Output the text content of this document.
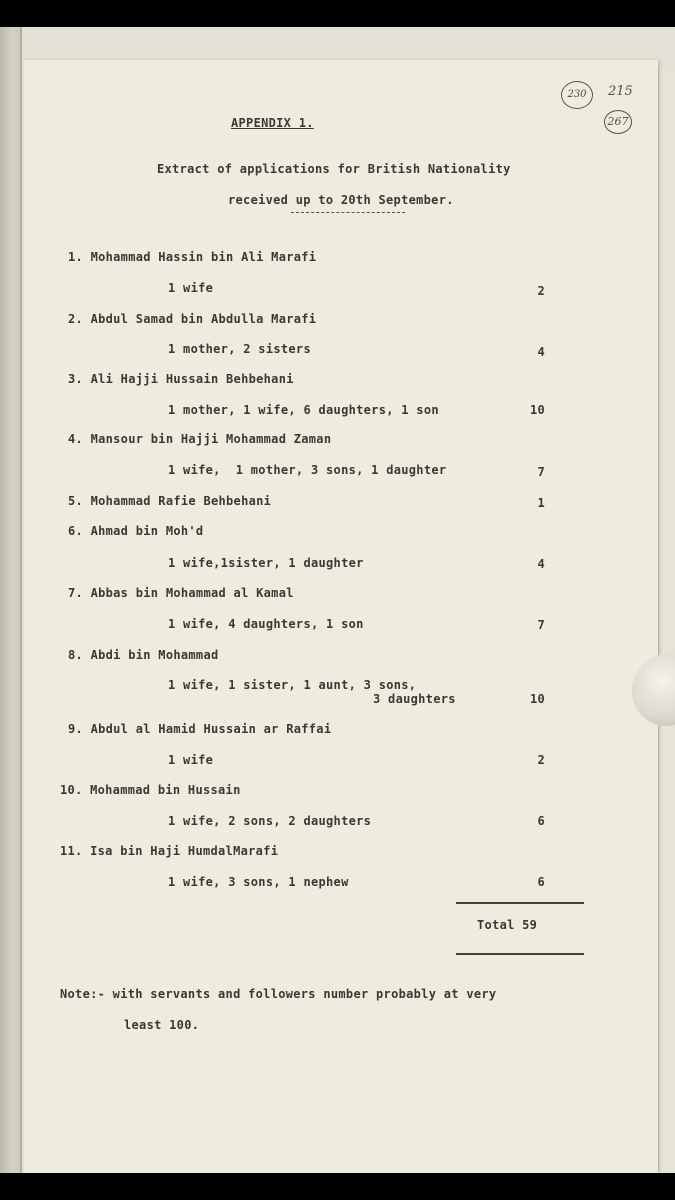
230	215
267
APPENDIX 1.
Extract of applications for British Nationality
received up to 20th September.
1. Mohammad Hassin bin Ali Marafi
1 wife	2
2. Abdul Samad bin Abdulla Marafi
1 mother, 2 sisters	4
3. Ali Hajji Hussain Behbehani
1 mother, 1 wife, 6 daughters, 1 son	10
4. Mansour bin Hajji Mohammad Zaman
1 wife,  1 mother, 3 sons, 1 daughter	7
5. Mohammad Rafie Behbehani	1
6. Ahmad bin Moh'd
1 wife,1sister, 1 daughter	4
7. Abbas bin Mohammad al Kamal
1 wife, 4 daughters, 1 son	7
8. Abdi bin Mohammad
1 wife, 1 sister, 1 aunt, 3 sons,
3 daughters	10
9. Abdul al Hamid Hussain ar Raffai
1 wife	2
10. Mohammad bin Hussain
1 wife, 2 sons, 2 daughters	6
11. Isa bin Haji HumdalMarafi
1 wife, 3 sons, 1 nephew	6
Total 59
Note:- with servants and followers number probably at very
least 100.
